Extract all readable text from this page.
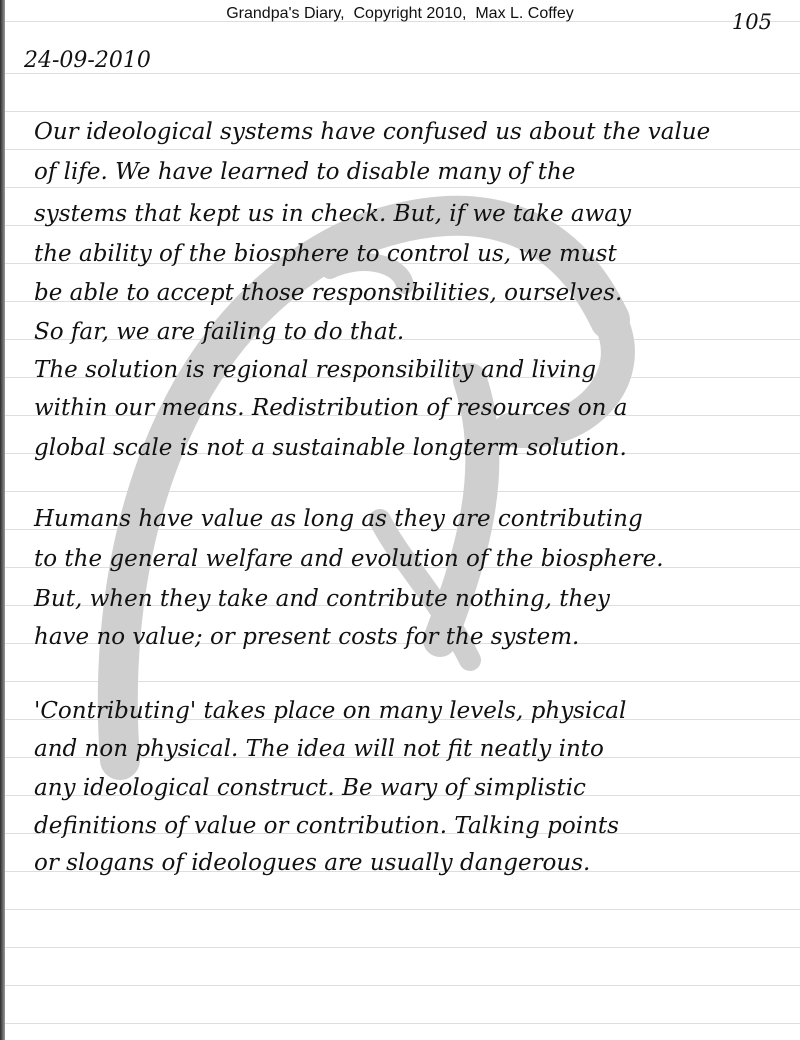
Grandpa's Diary,  Copyright 2010,  Max L. Coffey	105
24-09-2010
Our ideological systems have confused us about the value
of life. We have learned to disable many of the
systems that kept us in check. But, if we take away
the ability of the biosphere to control us, we must
be able to accept those responsibilities, ourselves.
So far, we are failing to do that.
The solution is regional responsibility and living
within our means. Redistribution of resources on a
global scale is not a sustainable longterm solution.
Humans have value as long as they are contributing
to the general welfare and evolution of the biosphere.
But, when they take and contribute nothing, they
have no value; or present costs for the system.
'Contributing' takes place on many levels, physical
and non physical. The idea will not fit neatly into
any ideological construct. Be wary of simplistic
definitions of value or contribution. Talking points
or slogans of ideologues are usually dangerous.
